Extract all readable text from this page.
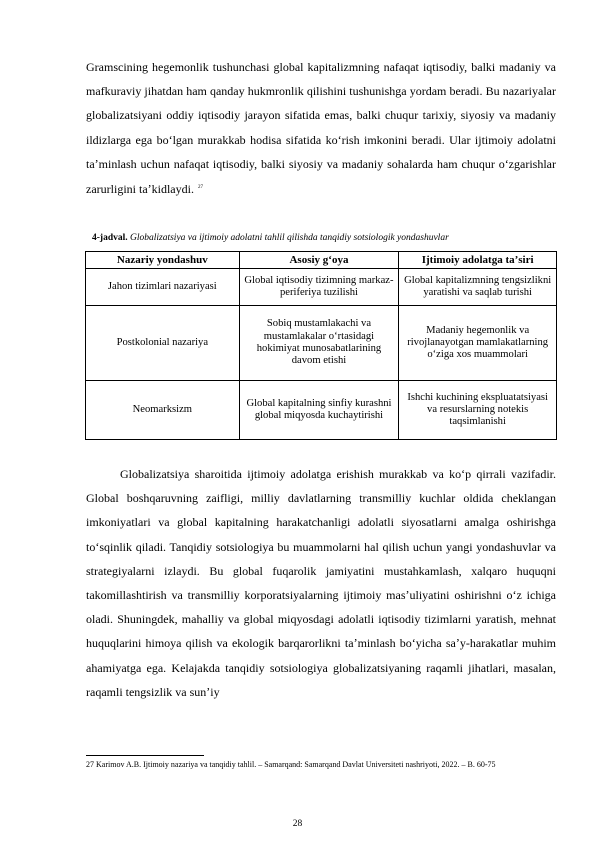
Gramscining hegemonlik tushunchasi global kapitalizmning nafaqat iqtisodiy, balki madaniy va mafkuraviy jihatdan ham qanday hukmronlik qilishini tushunishga yordam beradi. Bu nazariyalar globalizatsiyani oddiy iqtisodiy jarayon sifatida emas, balki chuqur tarixiy, siyosiy va madaniy ildizlarga ega boʻlgan murakkab hodisa sifatida koʻrish imkonini beradi. Ular ijtimoiy adolatni taʼminlash uchun nafaqat iqtisodiy, balki siyosiy va madaniy sohalarda ham chuqur oʻzgarishlar zarurligini taʼkidlaydi. $^{27}$

4-jadval. Globalizatsiya va ijtimoiy adolatni tahlil qilishda tanqidiy sotsiologik yondashuvlar

Nazariy yondashuv	Asosiy gʻoya	Ijtimoiy adolatga taʼsiri
Jahon tizimlari nazariyasi	Global iqtisodiy tizimning markaz-periferiya tuzilishi	Global kapitalizmning tengsizlikni yaratishi va saqlab turishi
Postkolonial nazariya	Sobiq mustamlakachi va mustamlakalar oʻrtasidagi hokimiyat munosabatlarining davom etishi	Madaniy hegemonlik va rivojlanayotgan mamlakatlarning oʻziga xos muammolari
Neomarksizm	Global kapitalning sinfiy kurashni global miqyosda kuchaytirishi	Ishchi kuchining ekspluatatsiyasi va resurslarning notekis taqsimlanishi

Globalizatsiya sharoitida ijtimoiy adolatga erishish murakkab va koʻp qirrali vazifadir. Global boshqaruvning zaifligi, milliy davlatlarning transmilliy kuchlar oldida cheklangan imkoniyatlari va global kapitalning harakatchanligi adolatli siyosatlarni amalga oshirishga toʻsqinlik qiladi. Tanqidiy sotsiologiya bu muammolarni hal qilish uchun yangi yondashuvlar va strategiyalarni izlaydi. Bu global fuqarolik jamiyatini mustahkamlash, xalqaro huquqni takomillashtirish va transmilliy korporatsiyalarning ijtimoiy masʼuliyatini oshirishni oʻz ichiga oladi. Shuningdek, mahalliy va global miqyosdagi adolatli iqtisodiy tizimlarni yaratish, mehnat huquqlarini himoya qilish va ekologik barqarorlikni taʼminlash boʻyicha saʼy-harakatlar muhim ahamiyatga ega. Kelajakda tanqidiy sotsiologiya globalizatsiyaning raqamli jihatlari, masalan, raqamli tengsizlik va sunʼiy

27 Karimov A.B. Ijtimoiy nazariya va tanqidiy tahlil. – Samarqand: Samarqand Davlat Universiteti nashriyoti, 2022. – B. 60-75

28
